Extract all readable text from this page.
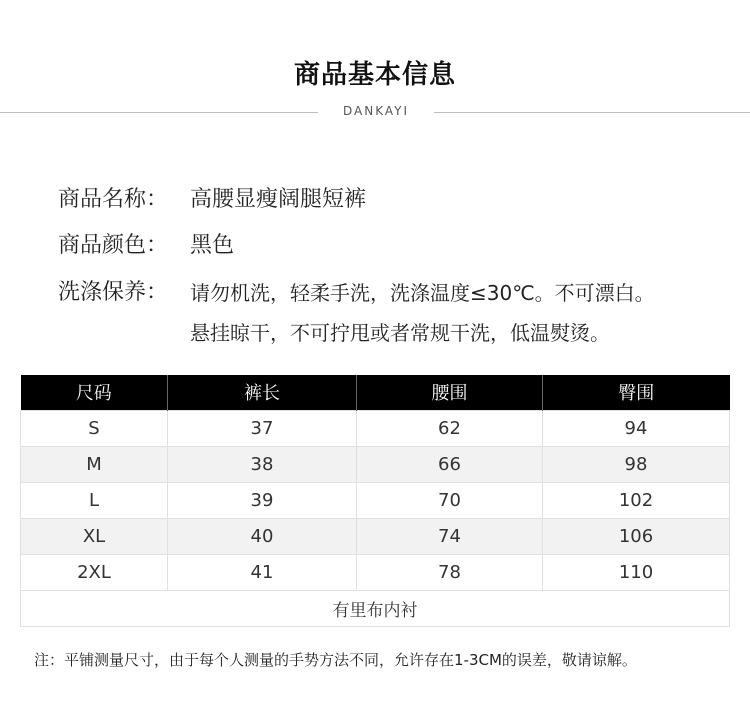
商品基本信息
DANKAYI
商品名称： 高腰显瘦阔腿短裤
商品颜色： 黑色
洗涤保养：	请勿机洗，轻柔手洗，洗涤温度≤30℃。不可漂白。
悬挂晾干，不可拧甩或者常规干洗，低温熨烫。
尺码	裤长	腰围	臀围
S	37	62	94
M	38	66	98
L	39	70	102
XL	40	74	106
2XL	41	78	110
有里布内衬			
注：平铺测量尺寸，由于每个人测量的手势方法不同，允许存在1-3CM的误差，敬请谅解。
